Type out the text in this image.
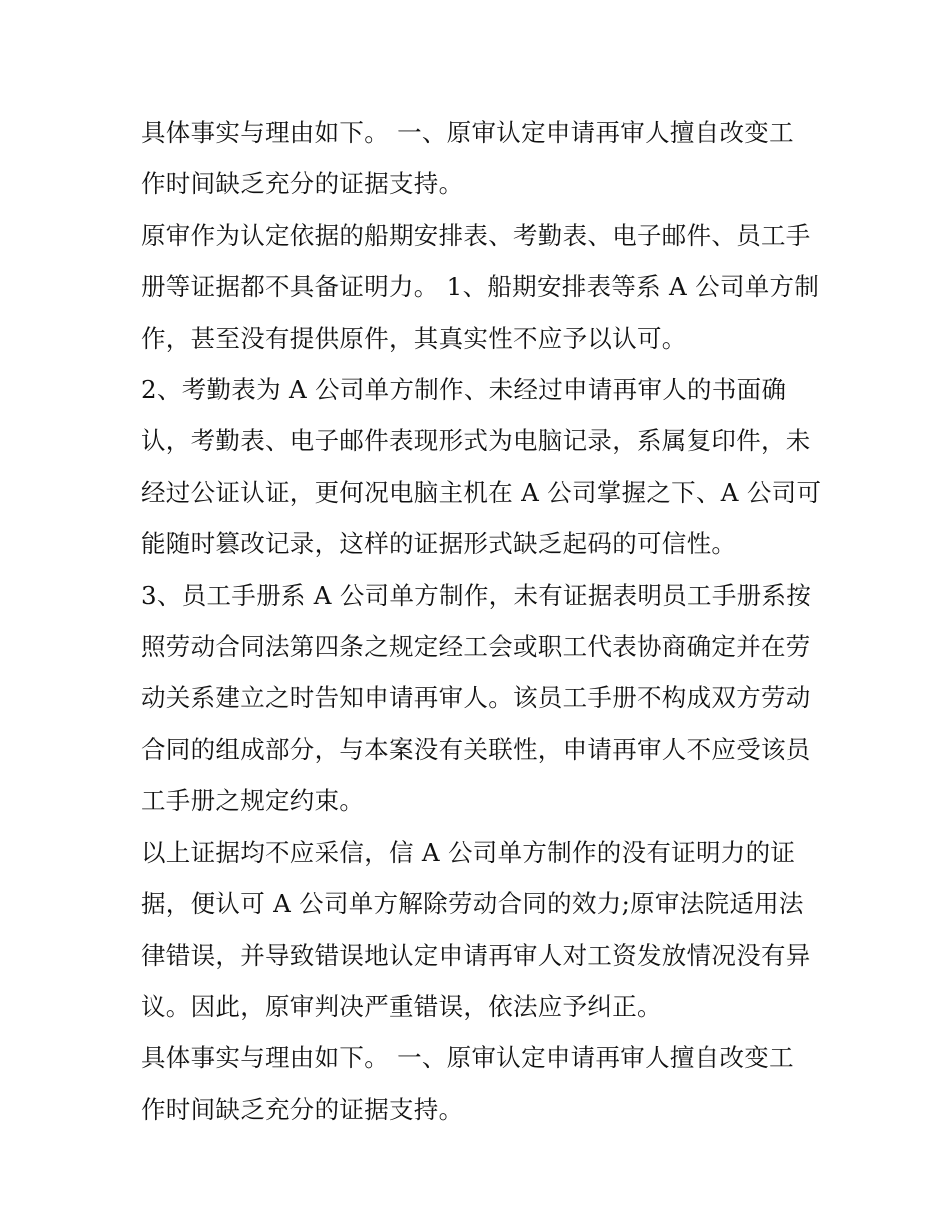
具体事实与理由如下。 一、原审认定申请再审人擅自改变工
作时间缺乏充分的证据支持。

原审作为认定依据的船期安排表、考勤表、电子邮件、员工手
册等证据都不具备证明力。 1、船期安排表等系 A 公司单方制
作，甚至没有提供原件，其真实性不应予以认可。

2、考勤表为 A 公司单方制作、未经过申请再审人的书面确
认，考勤表、电子邮件表现形式为电脑记录，系属复印件，未
经过公证认证，更何况电脑主机在 A 公司掌握之下、A 公司可
能随时篡改记录，这样的证据形式缺乏起码的可信性。

3、员工手册系 A 公司单方制作，未有证据表明员工手册系按
照劳动合同法第四条之规定经工会或职工代表协商确定并在劳
动关系建立之时告知申请再审人。该员工手册不构成双方劳动
合同的组成部分，与本案没有关联性，申请再审人不应受该员
工手册之规定约束。

以上证据均不应采信，信 A 公司单方制作的没有证明力的证
据，便认可 A 公司单方解除劳动合同的效力;原审法院适用法
律错误，并导致错误地认定申请再审人对工资发放情况没有异
议。因此，原审判决严重错误，依法应予纠正。

具体事实与理由如下。 一、原审认定申请再审人擅自改变工
作时间缺乏充分的证据支持。
